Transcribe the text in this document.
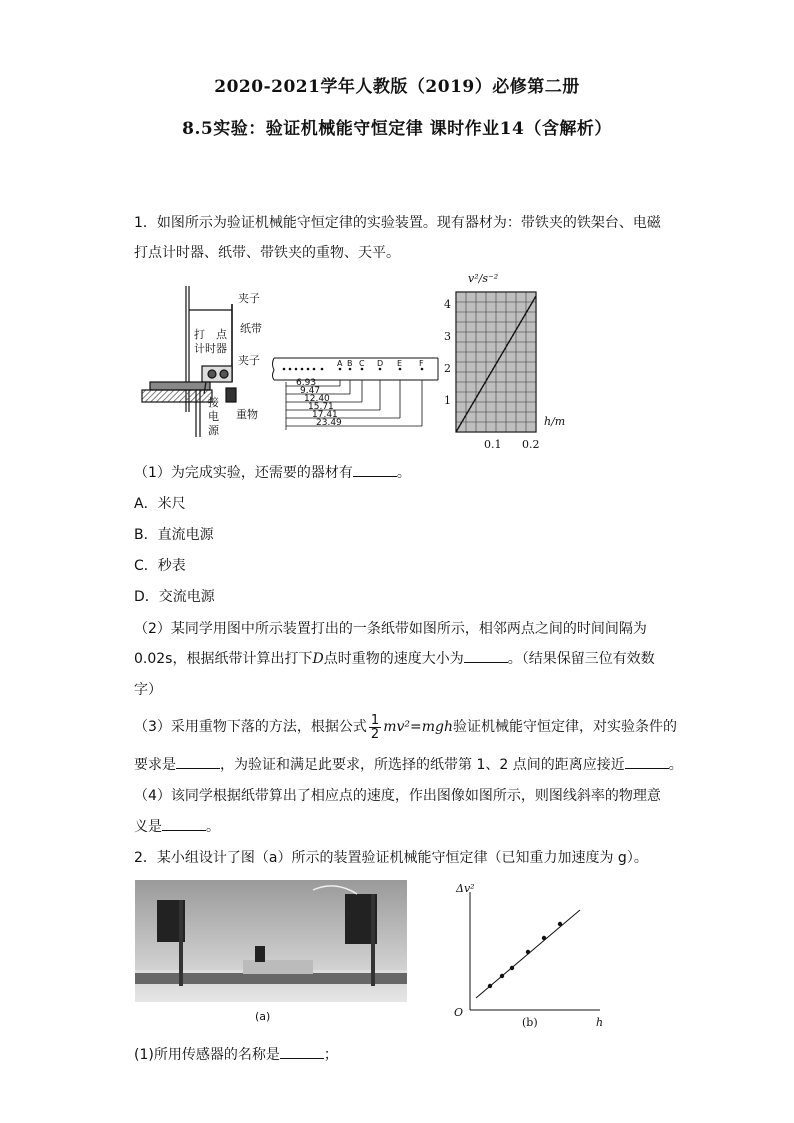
2020-2021学年人教版（2019）必修第二册
8.5实验：验证机械能守恒定律 课时作业14（含解析）
1．如图所示为验证机械能守恒定律的实验装置。现有器材为：带铁夹的铁架台、电磁
打点计时器、纸带、带铁夹的重物、天平。
夹子
纸带
打　点
计时器
夹子
接
电
源
重物
A B C D E F
6.93
9.47
12.40
15.71
17.41
23.49
v²/s⁻²
h/m
4
3
2
1
0.1 0.2
（1）为完成实验，还需要的器材有	。
A．米尺
B．直流电源
C．秒表
D．交流电源
（2）某同学用图中所示装置打出的一条纸带如图所示，相邻两点之间的时间间隔为
0.02s，根据纸带计算出打下D点时重物的速度大小为	。（结果保留三位有效数
字）
（3）采用重物下落的方法，根据公式 $\frac{1}{2} mv^2=mgh$验证机械能守恒定律，对实验条件的
要求是	，为验证和满足此要求，所选择的纸带第 1、2 点间的距离应接近	。
（4）该同学根据纸带算出了相应点的速度，作出图像如图所示，则图线斜率的物理意
义是	。
2．某小组设计了图（a）所示的装置验证机械能守恒定律（已知重力加速度为 g）。
(a)
Δv²
h
O
(b)
(1)所用传感器的名称是	；
